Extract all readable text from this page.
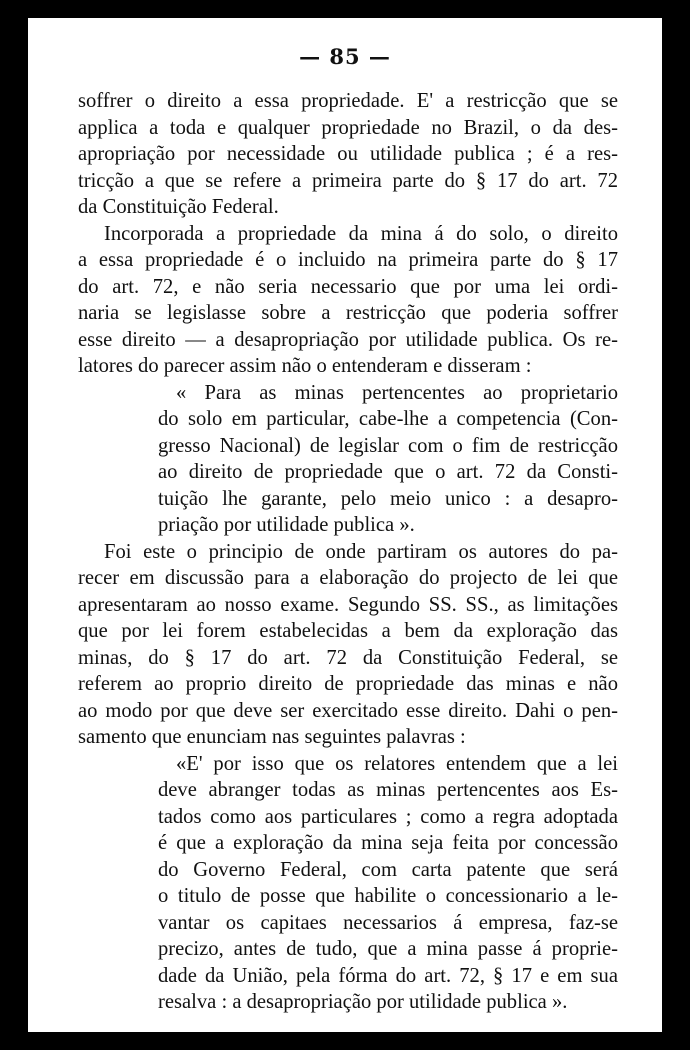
— 85 —

soffrer o direito a essa propriedade. E' a restricção que se

applica a toda e qualquer propriedade no Brazil, o da des-

apropriação por necessidade ou utilidade publica ; é a res-

tricção a que se refere a primeira parte do § 17 do art. 72

da Constituição Federal.

Incorporada a propriedade da mina á do solo, o direito

a essa propriedade é o incluido na primeira parte do § 17

do art. 72, e não seria necessario que por uma lei ordi-

naria se legislasse sobre a restricção que poderia soffrer

esse direito — a desapropriação por utilidade publica. Os re-

latores do parecer assim não o entenderam e disseram :

« Para as minas pertencentes ao proprietario

do solo em particular, cabe-lhe a competencia (Con-

gresso Nacional) de legislar com o fim de restricção

ao direito de propriedade que o art. 72 da Consti-

tuição lhe garante, pelo meio unico : a desapro-

priação por utilidade publica ».

Foi este o principio de onde partiram os autores do pa-

recer em discussão para a elaboração do projecto de lei que

apresentaram ao nosso exame. Segundo SS. SS., as limitações

que por lei forem estabelecidas a bem da exploração das

minas, do § 17 do art. 72 da Constituição Federal, se

referem ao proprio direito de propriedade das minas e não

ao modo por que deve ser exercitado esse direito. Dahi o pen-

samento que enunciam nas seguintes palavras :

«E' por isso que os relatores entendem que a lei

deve abranger todas as minas pertencentes aos Es-

tados como aos particulares ; como a regra adoptada

é que a exploração da mina seja feita por concessão

do Governo Federal, com carta patente que será

o titulo de posse que habilite o concessionario a le-

vantar os capitaes necessarios á empresa, faz-se

precizo, antes de tudo, que a mina passe á proprie-

dade da União, pela fórma do art. 72, § 17 e em sua

resalva : a desapropriação por utilidade publica ».
